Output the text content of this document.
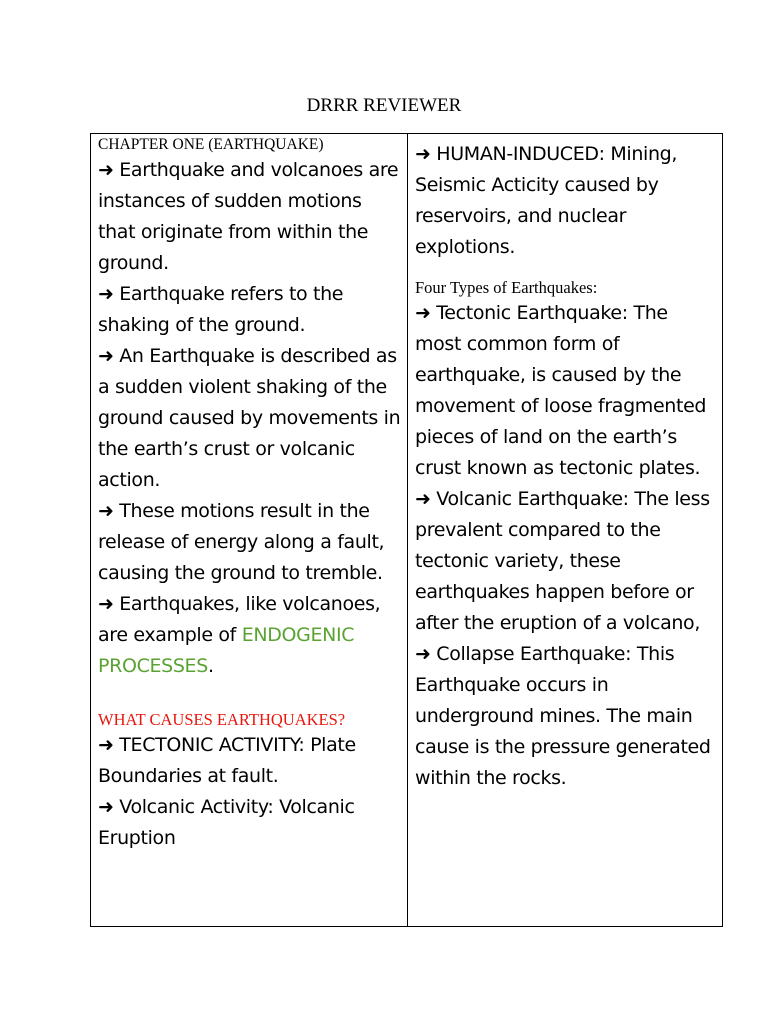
DRRR REVIEWER
CHAPTER ONE (EARTHQUAKE)

➜ Earthquake and volcanoes are instances of sudden motions that originate from within the ground.

➜ Earthquake refers to the shaking of the ground.

➜ An Earthquake is described as a sudden violent shaking of the ground caused by movements in the earth’s crust or volcanic action.

➜ These motions result in the release of energy along a fault, causing the ground to tremble.

➜ Earthquakes, like volcanoes, are example of ENDOGENIC PROCESSES.

WHAT CAUSES EARTHQUAKES?

➜ TECTONIC ACTIVITY: Plate Boundaries at fault.

➜ Volcanic Activity: Volcanic Eruption

➜ HUMAN-INDUCED: Mining, Seismic Acticity caused by reservoirs, and nuclear explotions.

Four Types of Earthquakes:

➜ Tectonic Earthquake: The most common form of earthquake, is caused by the movement of loose fragmented pieces of land on the earth’s crust known as tectonic plates.

➜ Volcanic Earthquake: The less prevalent compared to the tectonic variety, these earthquakes happen before or after the eruption of a volcano,

➜ Collapse Earthquake: This Earthquake occurs in underground mines. The main cause is the pressure generated within the rocks.
